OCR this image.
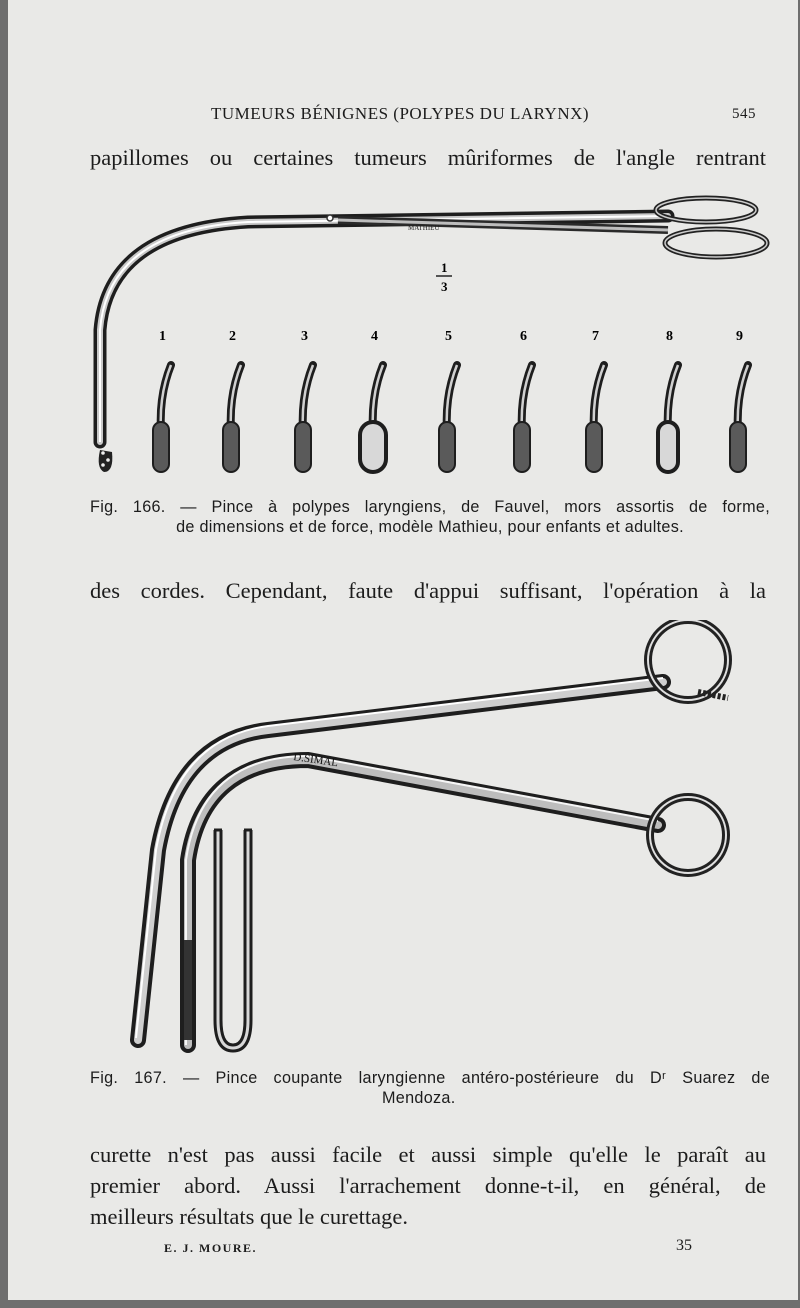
TUMEURS BÉNIGNES (POLYPES DU LARYNX)	545
papillomes ou certaines tumeurs mûriformes de l'angle rentrant
MATHIEU
1
3
1	2	3	4	5	6	7	8	9
Fig. 166. — Pince à polypes laryngiens, de Fauvel, mors assortis de forme,
de dimensions et de force, modèle Mathieu, pour enfants et adultes.
des cordes. Cependant, faute d'appui suffisant, l'opération à la
D.SIMAL
Fig. 167. — Pince coupante laryngienne antéro-postérieure du Dʳ Suarez de
Mendoza.
curette n'est pas aussi facile et aussi simple qu'elle le paraît au
premier abord. Aussi l'arrachement donne-t-il, en général, de
meilleurs résultats que le curettage.
E. J. MOURE.	35
